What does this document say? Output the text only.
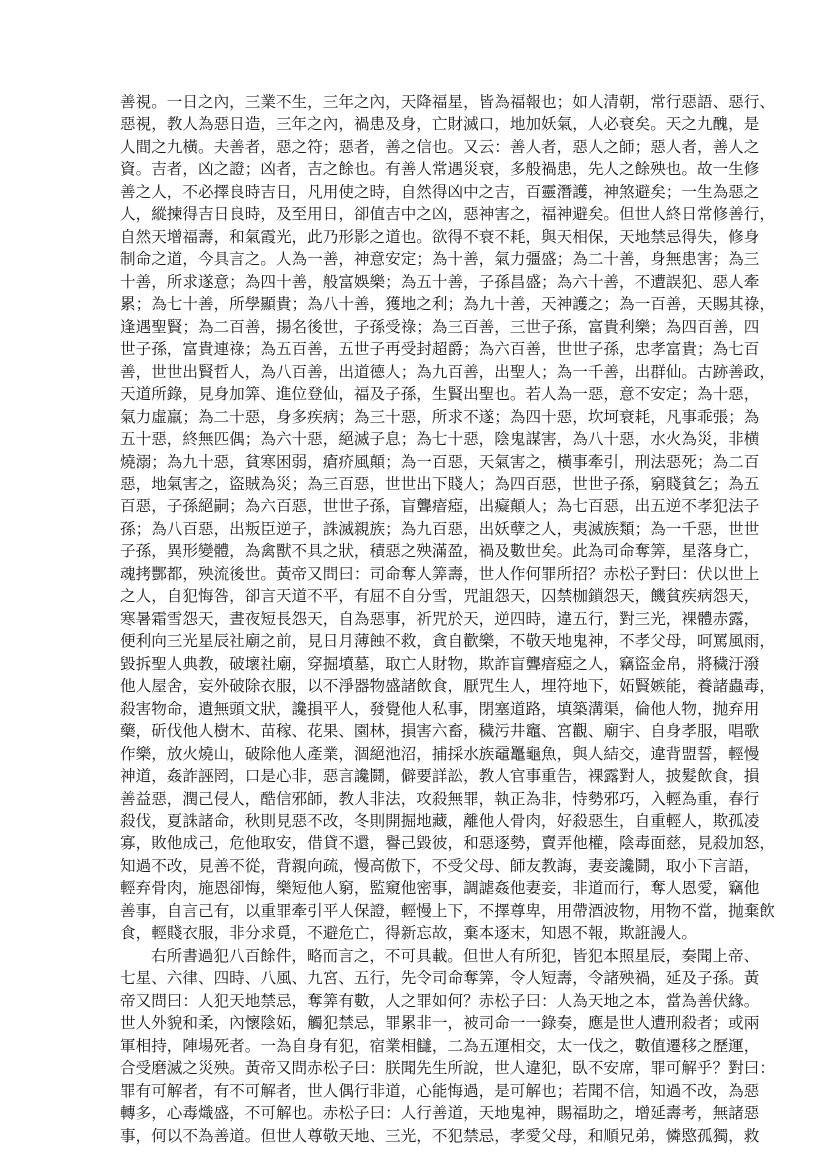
善視。一日之內，三業不生，三年之內，天降福星，皆為福報也；如人清朝，常行惡語、惡行、
惡視，教人為惡日造，三年之內，禍患及身，亡財滅口，地加妖氣，人必衰矣。天之九醜，是
人間之九橫。夫善者，惡之符；惡者，善之信也。又云：善人者，惡人之師；惡人者，善人之
資。吉者，凶之證；凶者，吉之餘也。有善人常遇災衰，多般禍患，先人之餘殃也。故一生修
善之人，不必擇良時吉日，凡用使之時，自然得凶中之吉，百靈潛護，神煞避矣；一生為惡之
人，縱揀得吉日良時，及至用日，卻值吉中之凶，惡神害之，福神避矣。但世人終日常修善行，
自然天增福壽，和氣霞光，此乃形影之道也。欲得不衰不耗，與天相保，天地禁忌得失，修身
制命之道，今具言之。人為一善，神意安定；為十善，氣力彊盛；為二十善，身無患害；為三
十善，所求遂意；為四十善，般富娛樂；為五十善，子孫昌盛；為六十善，不遭誤犯、惡人牽
累；為七十善，所學顯貴；為八十善，獲地之利；為九十善，天神護之；為一百善，天賜其祿，
逢遇聖賢；為二百善，揚名後世，子孫受祿；為三百善，三世子孫，富貴利樂；為四百善，四
世子孫，富貴連祿；為五百善，五世子再受封超爵；為六百善，世世子孫，忠孝富貴；為七百
善，世世出賢哲人，為八百善，出道德人；為九百善，出聖人；為一千善，出群仙。古跡善政，
天道所錄，見身加筭、進位登仙，福及子孫，生賢出聖也。若人為一惡，意不安定；為十惡，
氣力虛羸；為二十惡，身多疾病；為三十惡，所求不遂；為四十惡，坎坷衰耗，凡事乖張；為
五十惡，終無匹偶；為六十惡，絕滅子息；為七十惡，陰鬼謀害，為八十惡，水火為災，非横
燒溺；為九十惡，貧寒困弱，瘡疥風顛；為一百惡，天氣害之，橫事牽引，刑法惡死；為二百
惡，地氣害之，盜賊為災；為三百惡，世世出下賤人；為四百惡，世世子孫，窮賤貧乞；為五
百惡，子孫絕嗣；為六百惡，世世子孫，盲聾瘖瘂，出癡顛人；為七百惡，出五逆不孝犯法子
孫；為八百惡，出叛臣逆子，誅滅親族；為九百惡，出妖孽之人，夷滅族類；為一千惡，世世
子孫，異形變體，為禽獸不具之狀，積惡之殃滿盈，禍及數世矣。此為司命奪筭，星落身亡，
魂拷酆都，殃流後世。黃帝又問曰：司命奪人筭壽，世人作何罪所招？赤松子對曰：伏以世上
之人，自犯悔咎，卻言天道不平，有屈不自分雪，咒詛怨天，囚禁枷鎖怨天，饑貧疾病怨天，
寒暑霜雪怨天，晝夜短長怨天，自為惡事，祈咒於天，逆四時，違五行，對三光，裸體赤露，
便利向三光星辰社廟之前，見日月薄蝕不救，貪自歡樂，不敬天地鬼神，不孝父母，呵罵風雨，
毀拆聖人典教，破壞社廟，穿掘墳墓，取亡人財物，欺詐盲聾瘖瘂之人，竊盜金帛，將穢汙潑
他人屋舍，妄外破除衣服，以不淨器物盛諸飲食，厭咒生人，埋符地下，妬賢嫉能，養諸蟲毒，
殺害物命，遺無頭文狀，讒損平人，發覺他人私事，閉塞道路，填築溝渠，倫他人物，抛弃用
藥，斫伐他人樹木、苗稼、花果、園林，損害六畜，穢污井竈、宮觀、廟宇、自身孝服，唱歌
作樂，放火燒山，破除他人產業，涸絕池沼，捕採水族黿鼉龜魚，與人結交，違背盟誓，輕慢
神道，姦詐誣罔，口是心非，惡言讒鬪，僻要詳訟，教人官事重告，裸露對人，披髮飲食，損
善益惡，潤己侵人，酷信邪師，教人非法，攻殺無罪，執正為非，恃勢邪巧，入輕為重，春行
殺伐，夏誅諸命，秋則見惡不改，冬則開掘地藏，離他人骨肉，好殺惡生，自重輕人，欺孤凌
寡，敗他成己，危他取安，借貸不還，譽己毀彼，和惡逐勢，賣弄他權，陰毒面慈，見殺加怒，
知過不改，見善不從，背親向疏，慢高傲下，不受父母、師友教誨，妻妾讒鬪，取小下言語，
輕弃骨肉，施恩卻悔，樂短他人窮，監窺他密事，調謔姦他妻妾，非道而行，奪人恩愛，竊他
善事，自言己有，以重罪牽引平人保證，輕慢上下，不擇尊卑，用帶酒波物，用物不當，抛棄飲
食，輕賤衣服，非分求覓，不避危亡，得新忘故，棄本逐末，知恩不報，欺誑謾人。
右所書過犯八百餘件，略而言之，不可具載。但世人有所犯，皆犯本照星辰，奏聞上帝、
七星、六律、四時、八風、九宮、五行，先令司命奪筭，令人短壽，令諸殃禍，延及子孫。黃
帝又問曰：人犯天地禁忌，奪筭有數，人之罪如何？赤松子曰：人為天地之本，當為善伏緣。
世人外貌和柔，內懷陰妬，觸犯禁忌，罪累非一，被司命一一錄奏，應是世人遭刑殺者；或兩
軍相持，陣場死者。一為自身有犯，宿業相讎，二為五運相交，太一伐之，數值遷移之歷運，
合受磨滅之災殃。黃帝又問赤松子曰：朕聞先生所說，世人違犯，臥不安席，罪可解乎？對曰：
罪有可解者，有不可解者，世人偶行非道，心能悔過，是可解也；若聞不信，知過不改，為惡
轉多，心毒熾盛，不可解也。赤松子曰：人行善道，天地鬼神，賜福助之，增延壽考，無諸惡
事，何以不為善道。但世人尊敬天地、三光，不犯禁忌，孝愛父母，和順兄弟，憐愍孤獨，救
